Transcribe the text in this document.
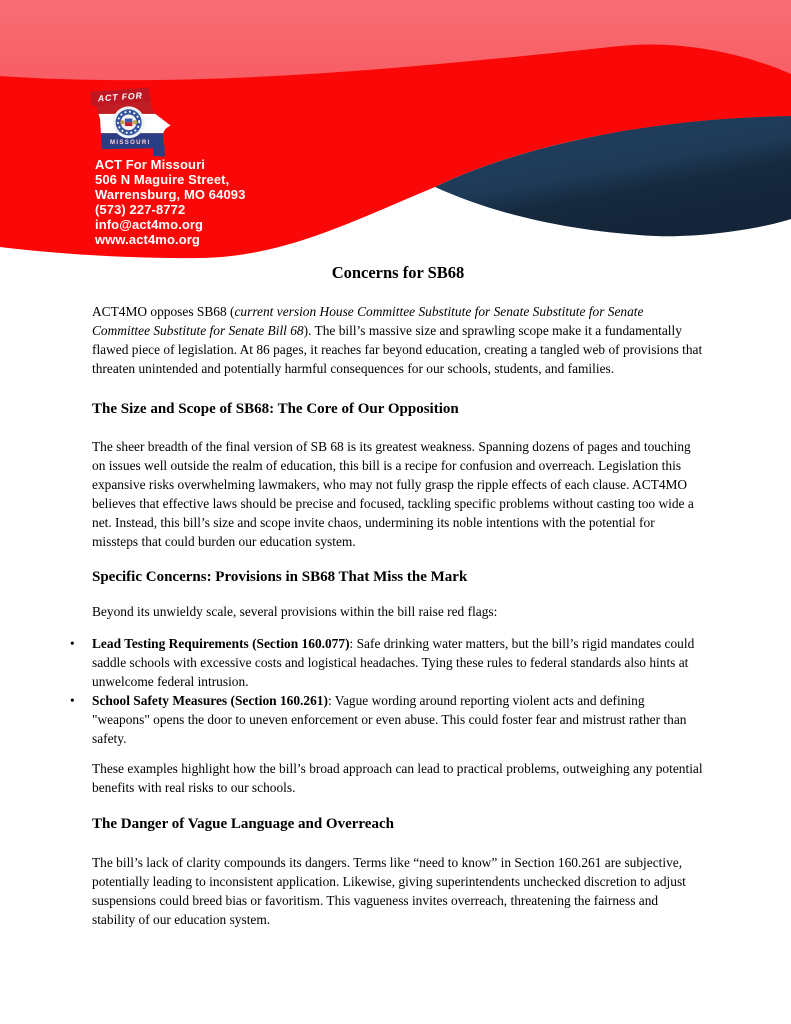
ACT FOR
MISSOURI
ACT For Missouri
506 N Maguire Street,
Warrensburg, MO 64093
(573) 227-8772
info@act4mo.org
www.act4mo.org
Concerns for SB68

ACT4MO opposes SB68 (current version House Committee Substitute for Senate Substitute for Senate Committee Substitute for Senate Bill 68). The bill’s massive size and sprawling scope make it a fundamentally flawed piece of legislation. At 86 pages, it reaches far beyond education, creating a tangled web of provisions that threaten unintended and potentially harmful consequences for our schools, students, and families.

The Size and Scope of SB68: The Core of Our Opposition

The sheer breadth of the final version of SB 68 is its greatest weakness. Spanning dozens of pages and touching on issues well outside the realm of education, this bill is a recipe for confusion and overreach. Legislation this expansive risks overwhelming lawmakers, who may not fully grasp the ripple effects of each clause. ACT4MO believes that effective laws should be precise and focused, tackling specific problems without casting too wide a net. Instead, this bill’s size and scope invite chaos, undermining its noble intentions with the potential for missteps that could burden our education system.

Specific Concerns: Provisions in SB68 That Miss the Mark

Beyond its unwieldy scale, several provisions within the bill raise red flags:

• Lead Testing Requirements (Section 160.077): Safe drinking water matters, but the bill’s rigid mandates could saddle schools with excessive costs and logistical headaches. Tying these rules to federal standards also hints at unwelcome federal intrusion.
• School Safety Measures (Section 160.261): Vague wording around reporting violent acts and defining "weapons" opens the door to uneven enforcement or even abuse. This could foster fear and mistrust rather than safety.

These examples highlight how the bill’s broad approach can lead to practical problems, outweighing any potential benefits with real risks to our schools.

The Danger of Vague Language and Overreach

The bill’s lack of clarity compounds its dangers. Terms like “need to know” in Section 160.261 are subjective, potentially leading to inconsistent application. Likewise, giving superintendents unchecked discretion to adjust suspensions could breed bias or favoritism. This vagueness invites overreach, threatening the fairness and stability of our education system.
